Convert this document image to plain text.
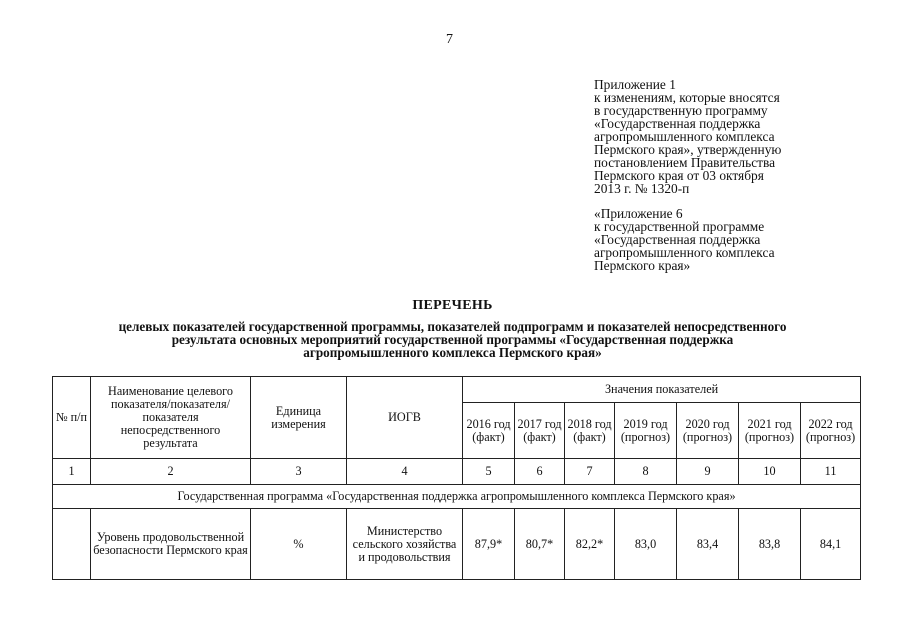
7
Приложение 1
к изменениям, которые вносятся
в государственную программу
«Государственная поддержка
агропромышленного комплекса
Пермского края», утвержденную
постановлением Правительства
Пермского края от 03 октября
2013 г. № 1320-п
«Приложение 6
к государственной программе
«Государственная поддержка
агропромышленного комплекса
Пермского края»
ПЕРЕЧЕНЬ
целевых показателей государственной программы, показателей подпрограмм и показателей непосредственного
результата основных мероприятий государственной программы «Государственная поддержка
агропромышленного комплекса Пермского края»
№ п/п	Наименование целевого показателя/показателя/ показателя непосредственного результата	Единица измерения	ИОГВ	Значения показателей						
				2016 год (факт)	2017 год (факт)	2018 год (факт)	2019 год (прогноз)	2020 год (прогноз)	2021 год (прогноз)	2022 год (прогноз)
1	2	3	4	5	6	7	8	9	10	11
Государственная программа «Государственная поддержка агропромышленного комплекса Пермского края»										
	Уровень продовольственной безопасности Пермского края	%	Министерство сельского хозяйства и продовольствия	87,9*	80,7*	82,2*	83,0	83,4	83,8	84,1
